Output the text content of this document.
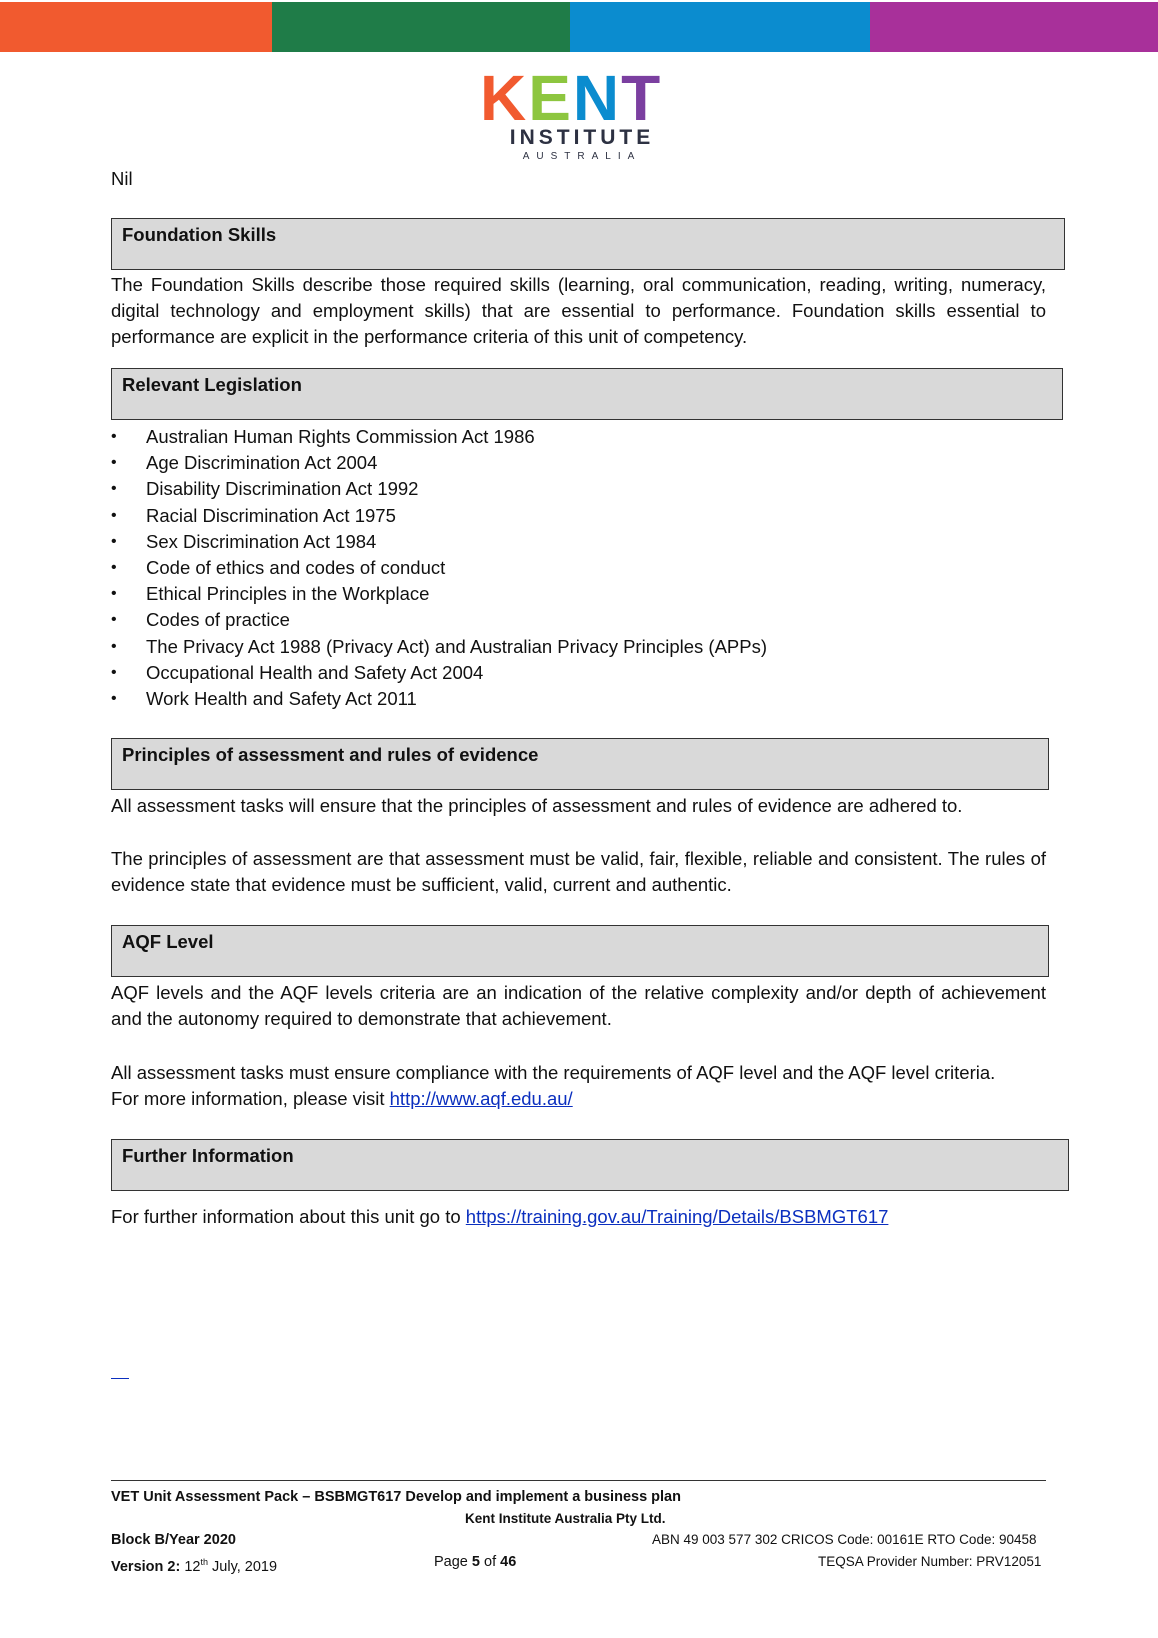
KENT
INSTITUTE
AUSTRALIA
Nil
Foundation Skills

The Foundation Skills describe those required skills (learning, oral communication, reading, writing, numeracy, digital technology and employment skills) that are essential to performance. Foundation skills essential to performance are explicit in the performance criteria of this unit of competency.

Relevant Legislation
• Australian Human Rights Commission Act 1986
• Age Discrimination Act 2004
• Disability Discrimination Act 1992
• Racial Discrimination Act 1975
• Sex Discrimination Act 1984
• Code of ethics and codes of conduct
• Ethical Principles in the Workplace
• Codes of practice
• The Privacy Act 1988 (Privacy Act) and Australian Privacy Principles (APPs)
• Occupational Health and Safety Act 2004
• Work Health and Safety Act 2011
Principles of assessment and rules of evidence

All assessment tasks will ensure that the principles of assessment and rules of evidence are adhered to.

The principles of assessment are that assessment must be valid, fair, flexible, reliable and consistent. The rules of evidence state that evidence must be sufficient, valid, current and authentic.

AQF Level

AQF levels and the AQF levels criteria are an indication of the relative complexity and/or depth of achievement and the autonomy required to demonstrate that achievement.

All assessment tasks must ensure compliance with the requirements of AQF level and the AQF level criteria.
For more information, please visit http://www.aqf.edu.au/
Further Information
For further information about this unit go to https://training.gov.au/Training/Details/BSBMGT617
VET Unit Assessment Pack – BSBMGT617 Develop and implement a business plan
Kent Institute Australia Pty Ltd.
Block B/Year 2020
Version 2: 12th July, 2019	Page 5 of 46
ABN 49 003 577 302 CRICOS Code: 00161E RTO Code: 90458
TEQSA Provider Number: PRV12051
